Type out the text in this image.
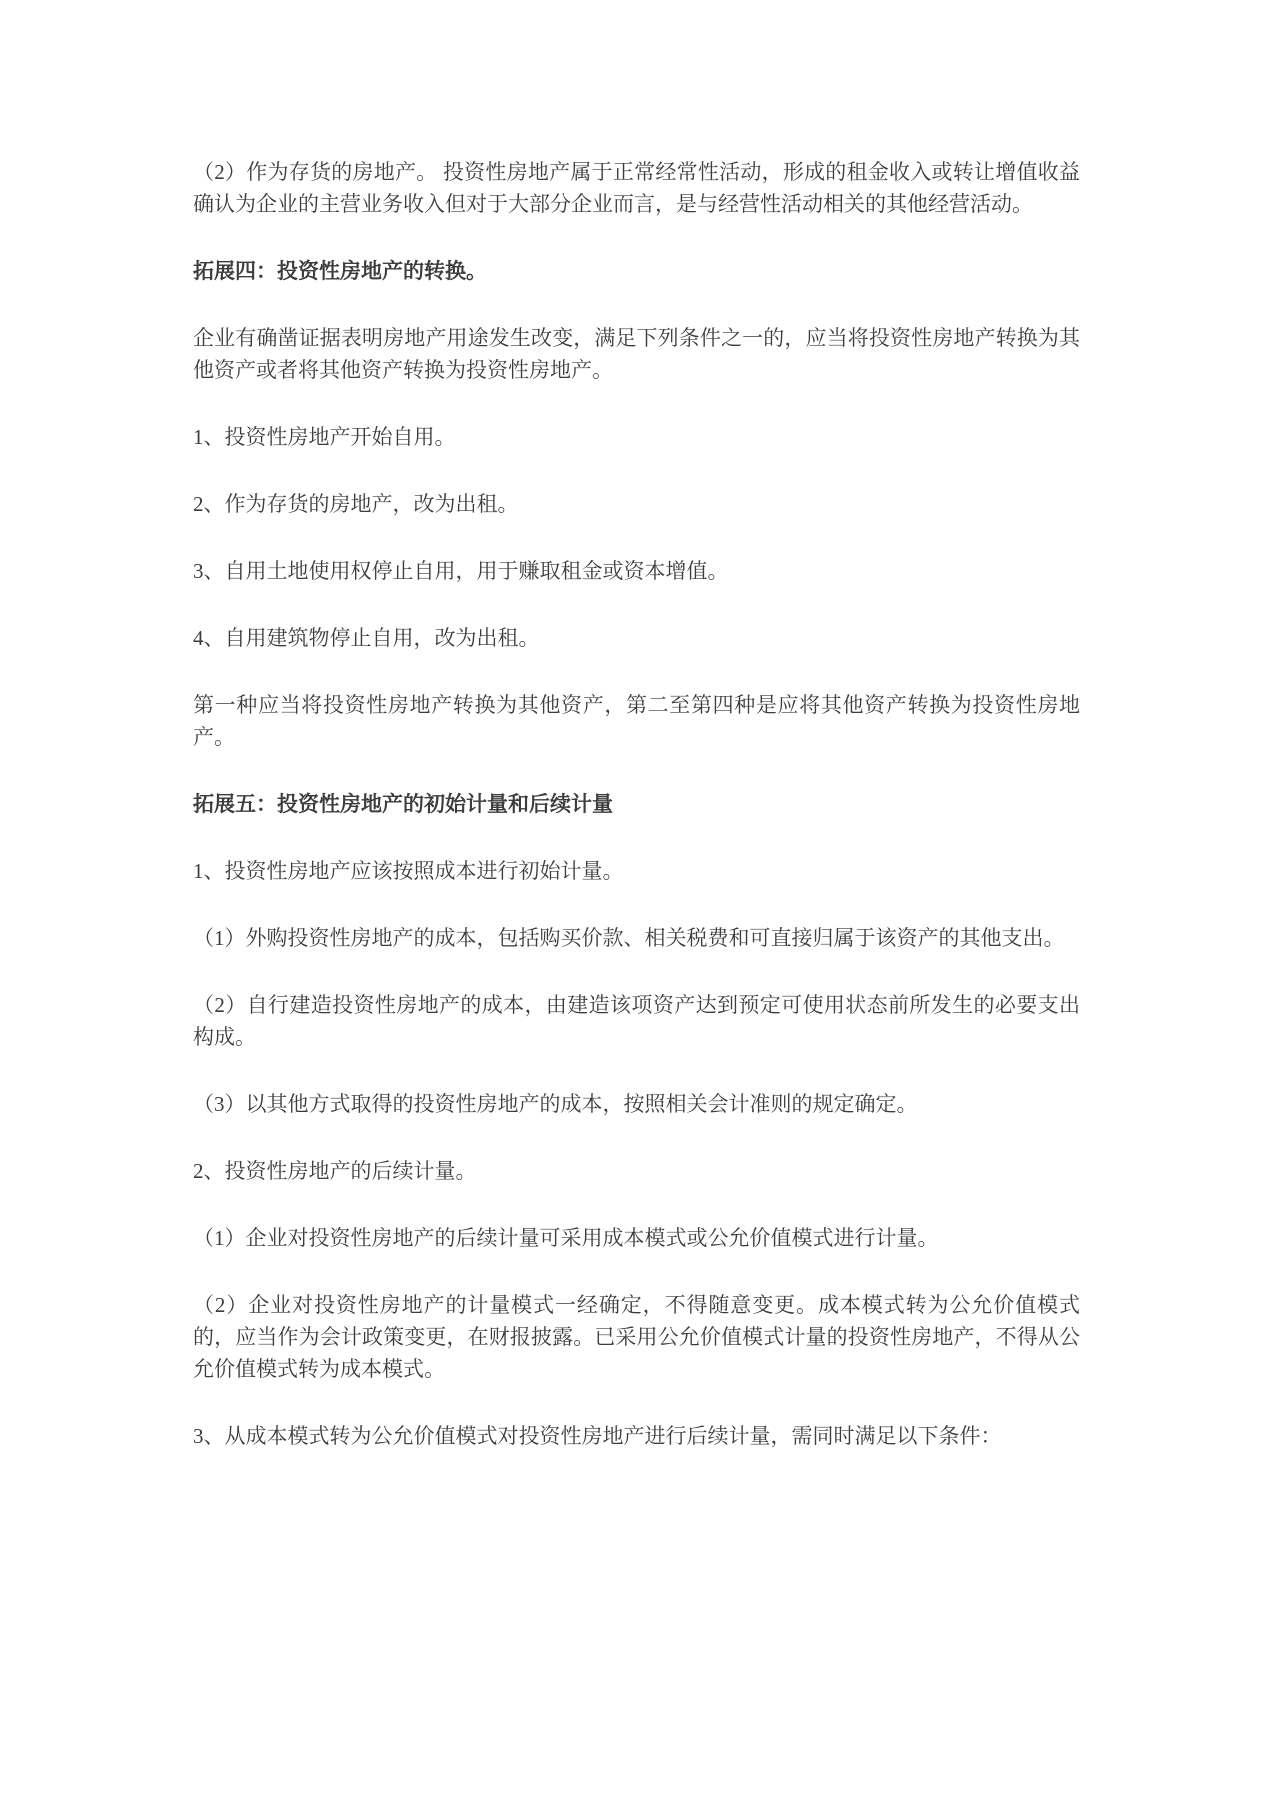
（2）作为存货的房地产。 投资性房地产属于正常经常性活动，形成的租金收入或转让增值收益确认为企业的主营业务收入但对于大部分企业而言，是与经营性活动相关的其他经营活动。

拓展四：投资性房地产的转换。

企业有确凿证据表明房地产用途发生改变，满足下列条件之一的，应当将投资性房地产转换为其他资产或者将其他资产转换为投资性房地产。

1、投资性房地产开始自用。

2、作为存货的房地产，改为出租。

3、自用土地使用权停止自用，用于赚取租金或资本增值。

4、自用建筑物停止自用，改为出租。

第一种应当将投资性房地产转换为其他资产，第二至第四种是应将其他资产转换为投资性房地产。

拓展五：投资性房地产的初始计量和后续计量

1、投资性房地产应该按照成本进行初始计量。

（1）外购投资性房地产的成本，包括购买价款、相关税费和可直接归属于该资产的其他支出。

（2）自行建造投资性房地产的成本，由建造该项资产达到预定可使用状态前所发生的必要支出构成。

（3）以其他方式取得的投资性房地产的成本，按照相关会计准则的规定确定。

2、投资性房地产的后续计量。

（1）企业对投资性房地产的后续计量可采用成本模式或公允价值模式进行计量。

（2）企业对投资性房地产的计量模式一经确定，不得随意变更。成本模式转为公允价值模式的，应当作为会计政策变更，在财报披露。已采用公允价值模式计量的投资性房地产，不得从公允价值模式转为成本模式。

3、从成本模式转为公允价值模式对投资性房地产进行后续计量，需同时满足以下条件：
